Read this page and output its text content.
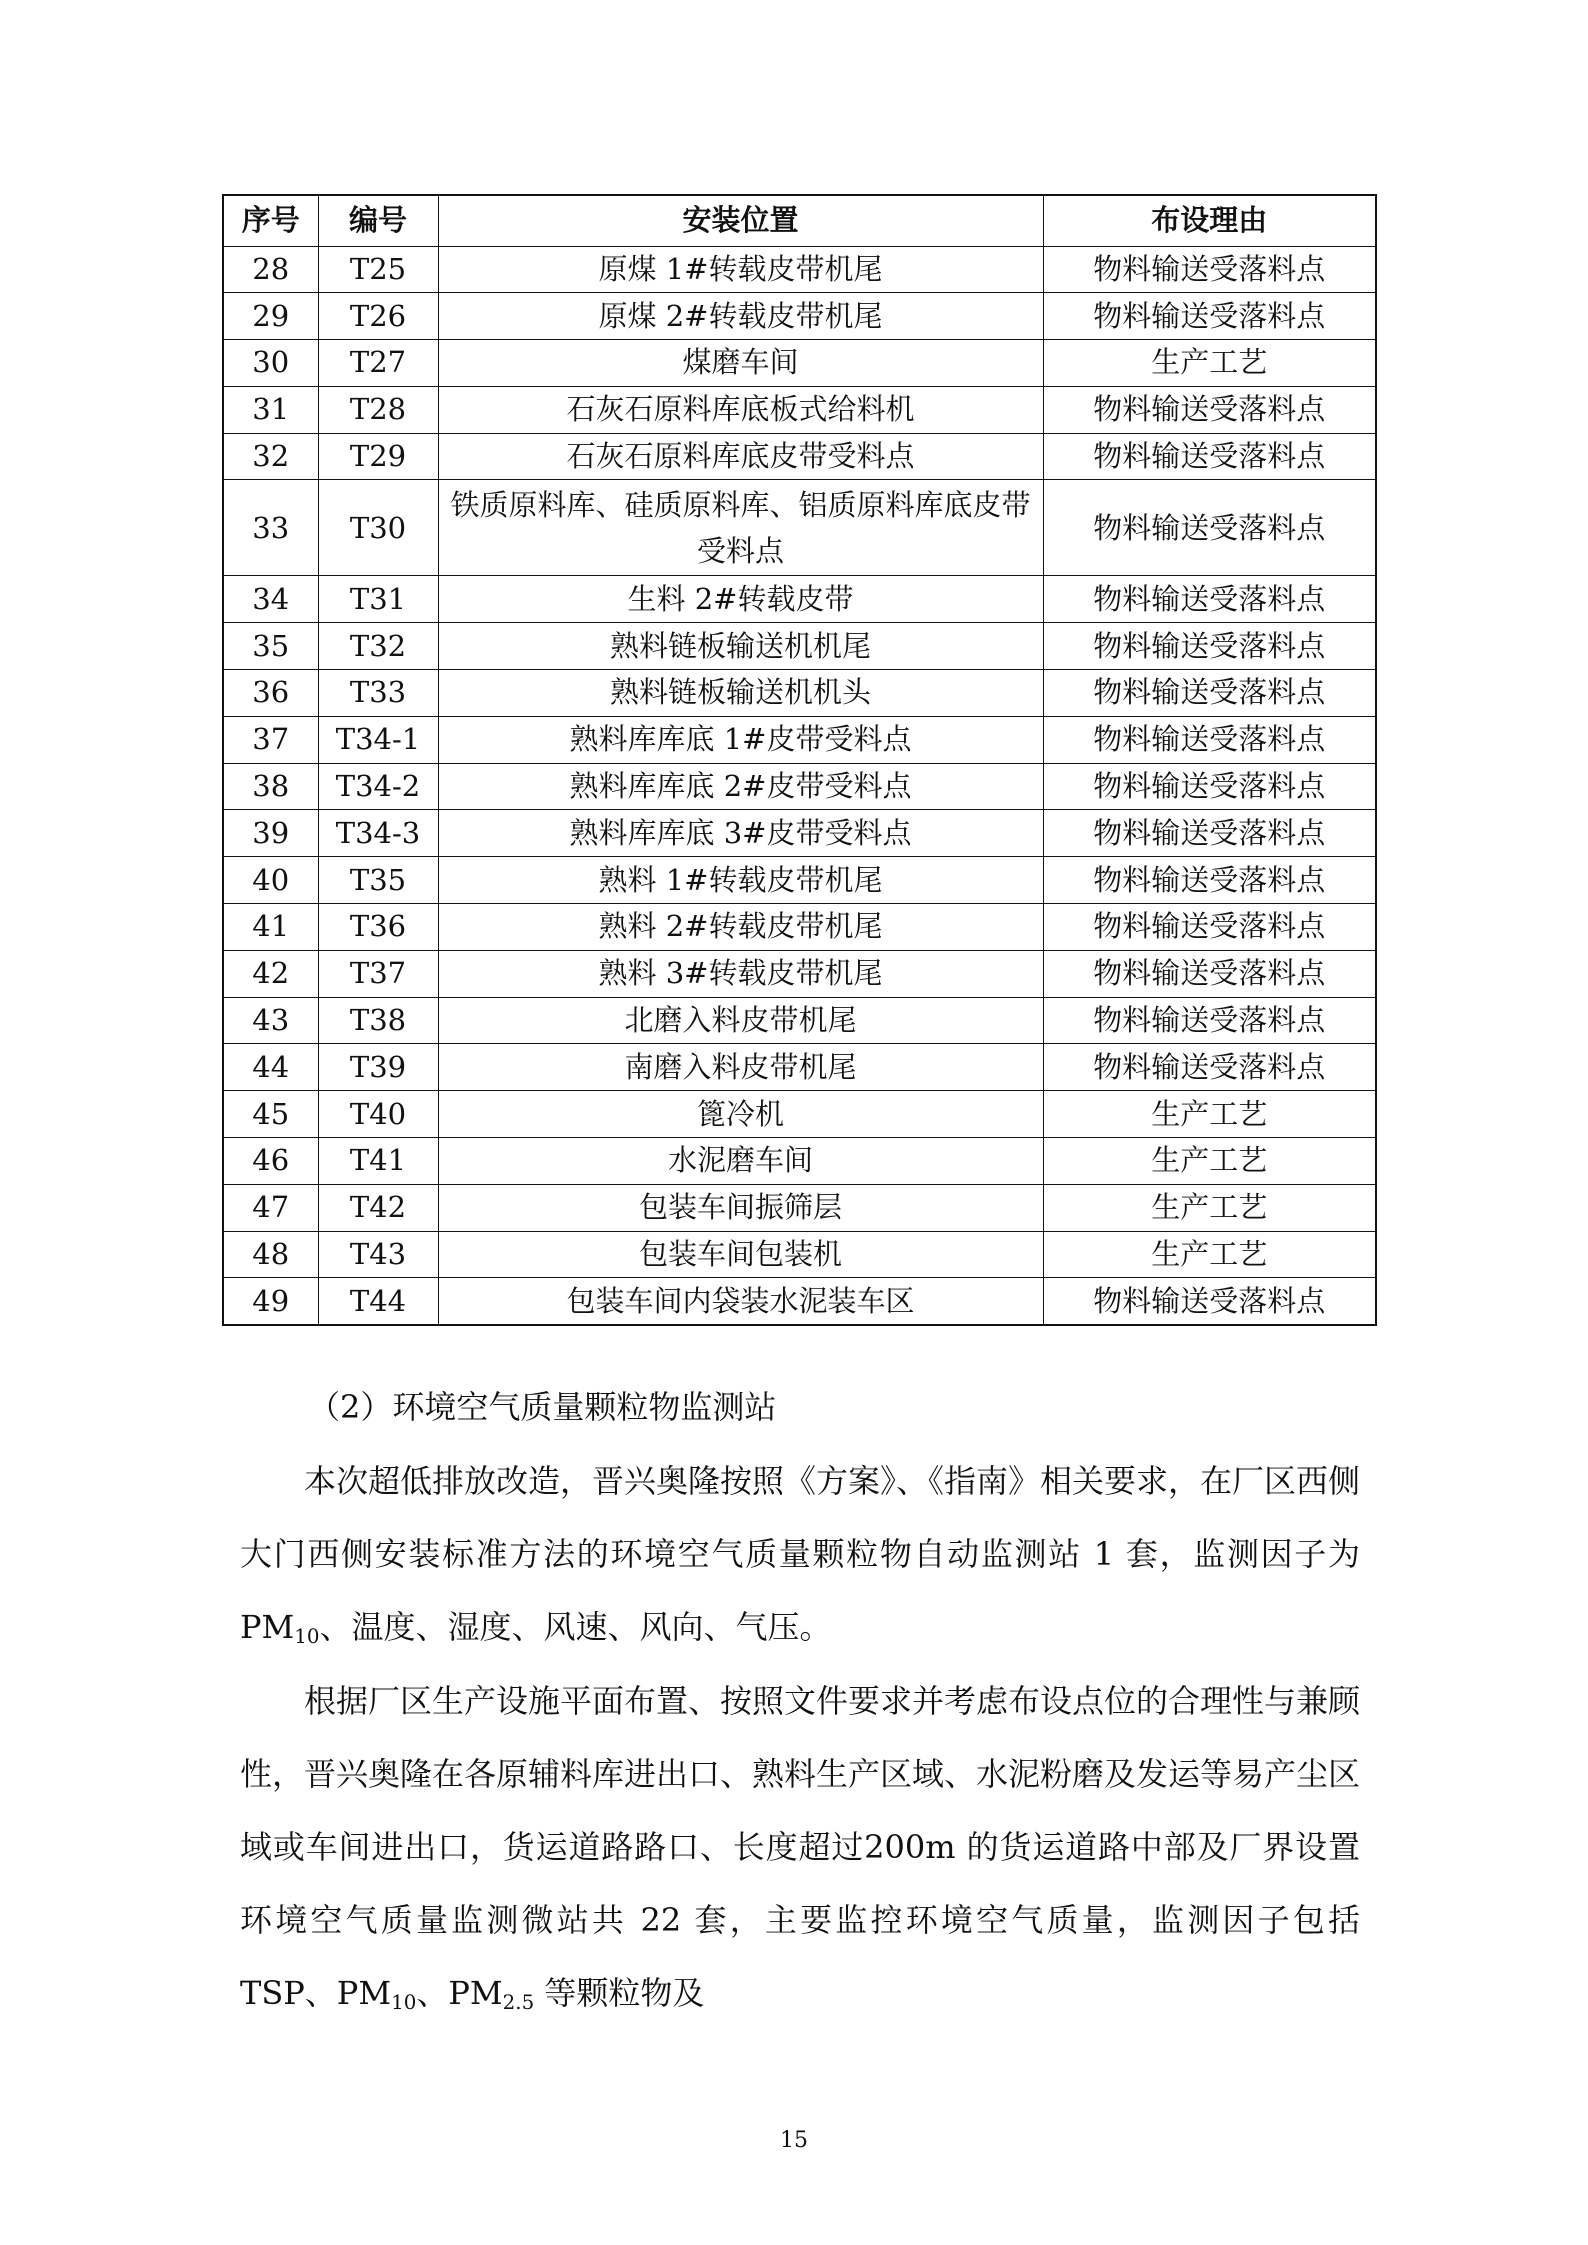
序号	编号	安装位置	布设理由
28	T25	原煤 1#转载皮带机尾	物料输送受落料点
29	T26	原煤 2#转载皮带机尾	物料输送受落料点
30	T27	煤磨车间	生产工艺
31	T28	石灰石原料库底板式给料机	物料输送受落料点
32	T29	石灰石原料库底皮带受料点	物料输送受落料点
33	T30	铁质原料库、硅质原料库、铝质原料库底皮带受料点	物料输送受落料点
34	T31	生料 2#转载皮带	物料输送受落料点
35	T32	熟料链板输送机机尾	物料输送受落料点
36	T33	熟料链板输送机机头	物料输送受落料点
37	T34-1	熟料库库底 1#皮带受料点	物料输送受落料点
38	T34-2	熟料库库底 2#皮带受料点	物料输送受落料点
39	T34-3	熟料库库底 3#皮带受料点	物料输送受落料点
40	T35	熟料 1#转载皮带机尾	物料输送受落料点
41	T36	熟料 2#转载皮带机尾	物料输送受落料点
42	T37	熟料 3#转载皮带机尾	物料输送受落料点
43	T38	北磨入料皮带机尾	物料输送受落料点
44	T39	南磨入料皮带机尾	物料输送受落料点
45	T40	篦冷机	生产工艺
46	T41	水泥磨车间	生产工艺
47	T42	包装车间振筛层	生产工艺
48	T43	包装车间包装机	生产工艺
49	T44	包装车间内袋装水泥装车区	物料输送受落料点

（2）环境空气质量颗粒物监测站

本次超低排放改造，晋兴奥隆按照《方案》、《指南》相关要求，在厂区西侧大门西侧安装标准方法的环境空气质量颗粒物自动监测站 1 套，监测因子为 $PM_{10}$、温度、湿度、风速、风向、气压。

根据厂区生产设施平面布置、按照文件要求并考虑布设点位的合理性与兼顾性，晋兴奥隆在各原辅料库进出口、熟料生产区域、水泥粉磨及发运等易产尘区域或车间进出口，货运道路路口、长度超过200m 的货运道路中部及厂界设置环境空气质量监测微站共 22 套，主要监控环境空气质量，监测因子包括 TSP、$PM_{10}$、$PM_{2.5}$ 等颗粒物及

15
